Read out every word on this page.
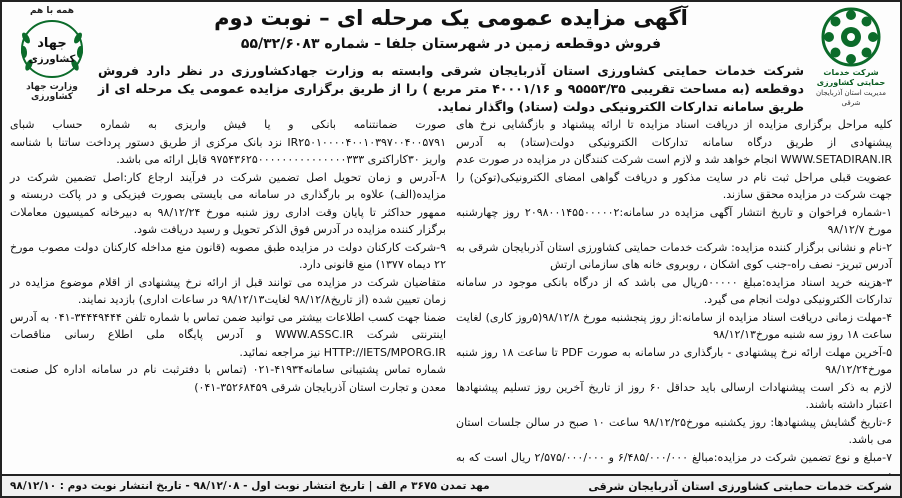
شرکت خدمات حمایتی کشاورزی
مدیریت استان آذربایجان شرقی
همه با هم
جهاد
کشاورزی
وزارت جهاد کشاورزی
آگهی مزایده عمومی یک مرحله ای – نوبت دوم
فروش دوقطعه زمین در شهرستان جلفا – شماره ۵۵/۳۲/۶۰۸۳
شرکت خدمات حمایتی کشاورزی استان آذربایجان شرقی وابسته به وزارت جهادکشاورزی در نظر دارد فروش دوقطعه (به مساحت تقریبی ۹۵۵۵۳/۳۵ و ۴۰۰۰۱/۱۶ متر مربع ) را از طریق برگزاری مزایده عمومی یک مرحله ای از طریق سامانه تدارکات الکترونیکی دولت (ستاد) واگذار نماید.

کلیه مراحل برگزاری مزایده از دریافت اسناد مزایده تا ارائه پیشنهاد و بازگشایی نرخ های پیشنهادی از طریق درگاه سامانه تدارکات الکترونیکی دولت(ستاد) به آدرس WWW.SETADIRAN.IR انجام خواهد شد و لازم است شرکت کنندگان در مزایده در صورت عدم عضویت قبلی مراحل ثبت نام در سایت مذکور و دریافت گواهی امضای الکترونیکی(توکن) را جهت شرکت در مزایده محقق سازند.

۱-شماره فراخوان و تاریخ انتشار آگهی مزایده در سامانه:۲۰۹۸۰۰۱۴۵۵۰۰۰۰۰۲ روز چهارشنبه مورخ ۹۸/۱۲/۷

۲-نام و نشانی برگزار کننده مزایده: شرکت خدمات حمایتی کشاورزی استان آذربایجان شرقی به آدرس تبریز- نصف راه-جنب کوی اشکان ، روبروی خانه های سازمانی ارتش

۳-هزینه خرید اسناد مزایده:مبلغ ۵۰۰۰۰۰ریال می باشد که از درگاه بانکی موجود در سامانه تدارکات الکترونیکی دولت انجام می گیرد.

۴-مهلت زمانی دریافت اسناد مزایده از سامانه:از روز پنجشنبه مورخ ۹۸/۱۲/۸(۵روز کاری) لغایت ساعت ۱۸ روز سه شنبه مورخ۹۸/۱۲/۱۳

۵-آخرین مهلت ارائه نرخ پیشنهادی - بارگذاری در سامانه به صورت PDF تا ساعت ۱۸ روز شنبه مورخ۹۸/۱۲/۲۴

لازم به ذکر است پیشنهادات ارسالی باید حداقل ۶۰ روز از تاریخ آخرین روز تسلیم پیشنهادها اعتبار داشته باشند.

۶-تاریخ گشایش پیشنهادها: روز یکشنبه مورخ۹۸/۱۲/۲۵ ساعت ۱۰ صبح در سالن جلسات استان می باشد.

۷-مبلغ و نوع تضمین شرکت در مزایده:مبالغ ۶/۴۸۵/۰۰۰/۰۰۰ و ۲/۵۷۵/۰۰۰/۰۰۰ ریال است که به

صورت ضمانتنامه بانکی و یا فیش واریزی به شماره حساب شبای IR۲۵۰۱۰۰۰۰۴۰۰۱۰۳۹۷۰۰۴۰۰۵۷۹۱ نزد بانک مرکزی از طریق دستور پرداخت ساتنا با شناسه واریز ۳۰کاراکتری ۹۷۵۴۳۶۲۵۰۰۰۰۰۰۰۰۰۰۰۰۰۰۰۳۳۳ قابل ارائه می باشد.

۸-آدرس و زمان تحویل اصل تضمین شرکت در فرآیند ارجاع کار:اصل تضمین شرکت در مزایده(الف) علاوه بر بارگذاری در سامانه می بایستی بصورت فیزیکی و در پاکت دربسته و ممهور حداکثر تا پایان وقت اداری روز شنبه مورخ ۹۸/۱۲/۲۴ به دبیرخانه کمیسیون معاملات برگزار کننده مزایده در آدرس فوق الذکر تحویل و رسید دریافت شود.

۹-شرکت کارکنان دولت در مزایده طبق مصوبه (قانون منع مداخله کارکنان دولت مصوب مورخ ۲۲ دیماه ۱۳۷۷) منع قانونی دارد.

متقاضیان شرکت در مزایده می توانند قبل از ارائه نرخ پیشنهادی از اقلام موضوع مزایده در زمان تعیین شده (از تاریخ۹۸/۱۲/۸ لغایت۹۸/۱۲/۱۳ در ساعات اداری) بازدید نمایند.

ضمنا جهت کسب اطلاعات بیشتر می توانید ضمن تماس با شماره تلفن ۳۴۴۴۹۴۴۴-۰۴۱ به آدرس اینترنتی شرکت WWW.ASSC.IR و آدرس پایگاه ملی اطلاع رسانی مناقصات HTTP://IETS/MPORG.IR نیز مراجعه نمائید.

شماره تماس پشتیبانی سامانه۴۱۹۳۴-۰۲۱ (تماس با دفترثبت نام در سامانه اداره کل صنعت معدن و تجارت استان آذربایجان شرقی ۳۵۲۶۸۴۵۹-۰۴۱)

شرکت خدمات حمایتی کشاورزی استان آذربایجان شرقی
مهد تمدن ۳۶۷۵ م الف | تاریخ انتشار نوبت اول - ۹۸/۱۲/۰۸ - تاریخ انتشار نوبت دوم : ۹۸/۱۲/۱۰
